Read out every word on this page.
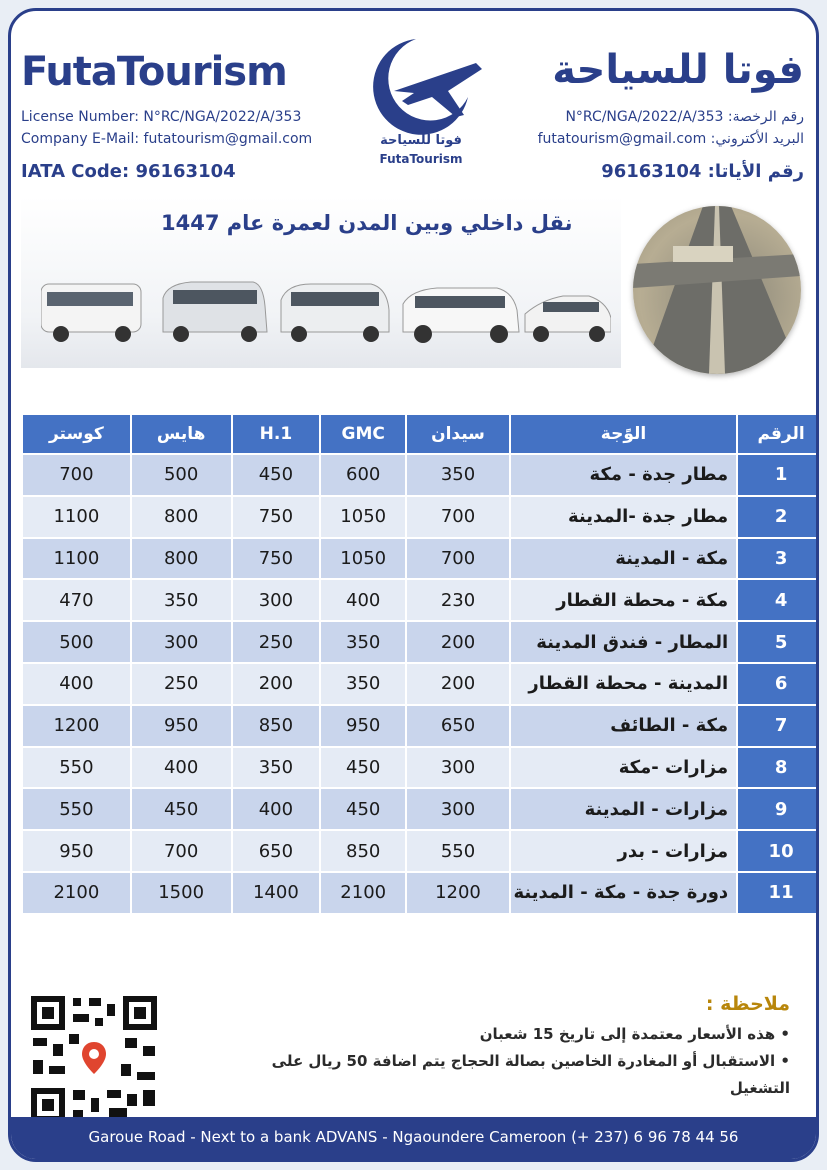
FutaTourism	فوتا للسياحة
License Number: N°RC/NGA/2022/A/353
Company E-Mail: futatourism@gmail.com
IATA Code: 96163104
رقم الرخصة: N°RC/NGA/2022/A/353
البريد الأكتروني: futatourism@gmail.com
رقم الأياتا: 96163104
فوتا للسياحة
FutaTourism
نقل داخلي وبين المدن لعمرة عام 1447
كوستر	هايس	H.1	GMC	سيدان	الوًجة	الرقم
700	500	450	600	350	مطار جدة - مكة	1
1100	800	750	1050	700	مطار جدة -المدينة	2
1100	800	750	1050	700	مكة - المدينة	3
470	350	300	400	230	مكة - محطة القطار	4
500	300	250	350	200	المطار - فندق المدينة	5
400	250	200	350	200	المدينة - محطة القطار	6
1200	950	850	950	650	مكة - الطائف	7
550	400	350	450	300	مزارات -مكة	8
550	450	400	450	300	مزارات - المدينة	9
950	700	650	850	550	مزارات - بدر	10
2100	1500	1400	2100	1200	دورة جدة - مكة - المدينة	11
ملاحظة :
• هذه الأسعار معتمدة إلى تاريخ 15 شعبان
• الاستقبال أو المغادرة الخاصين بصالة الحجاج يتم اضافة 50 ريال على التشغيل
Garoue Road - Next to a bank ADVANS - Ngaoundere Cameroon (+ 237) 6 96 78 44 56
